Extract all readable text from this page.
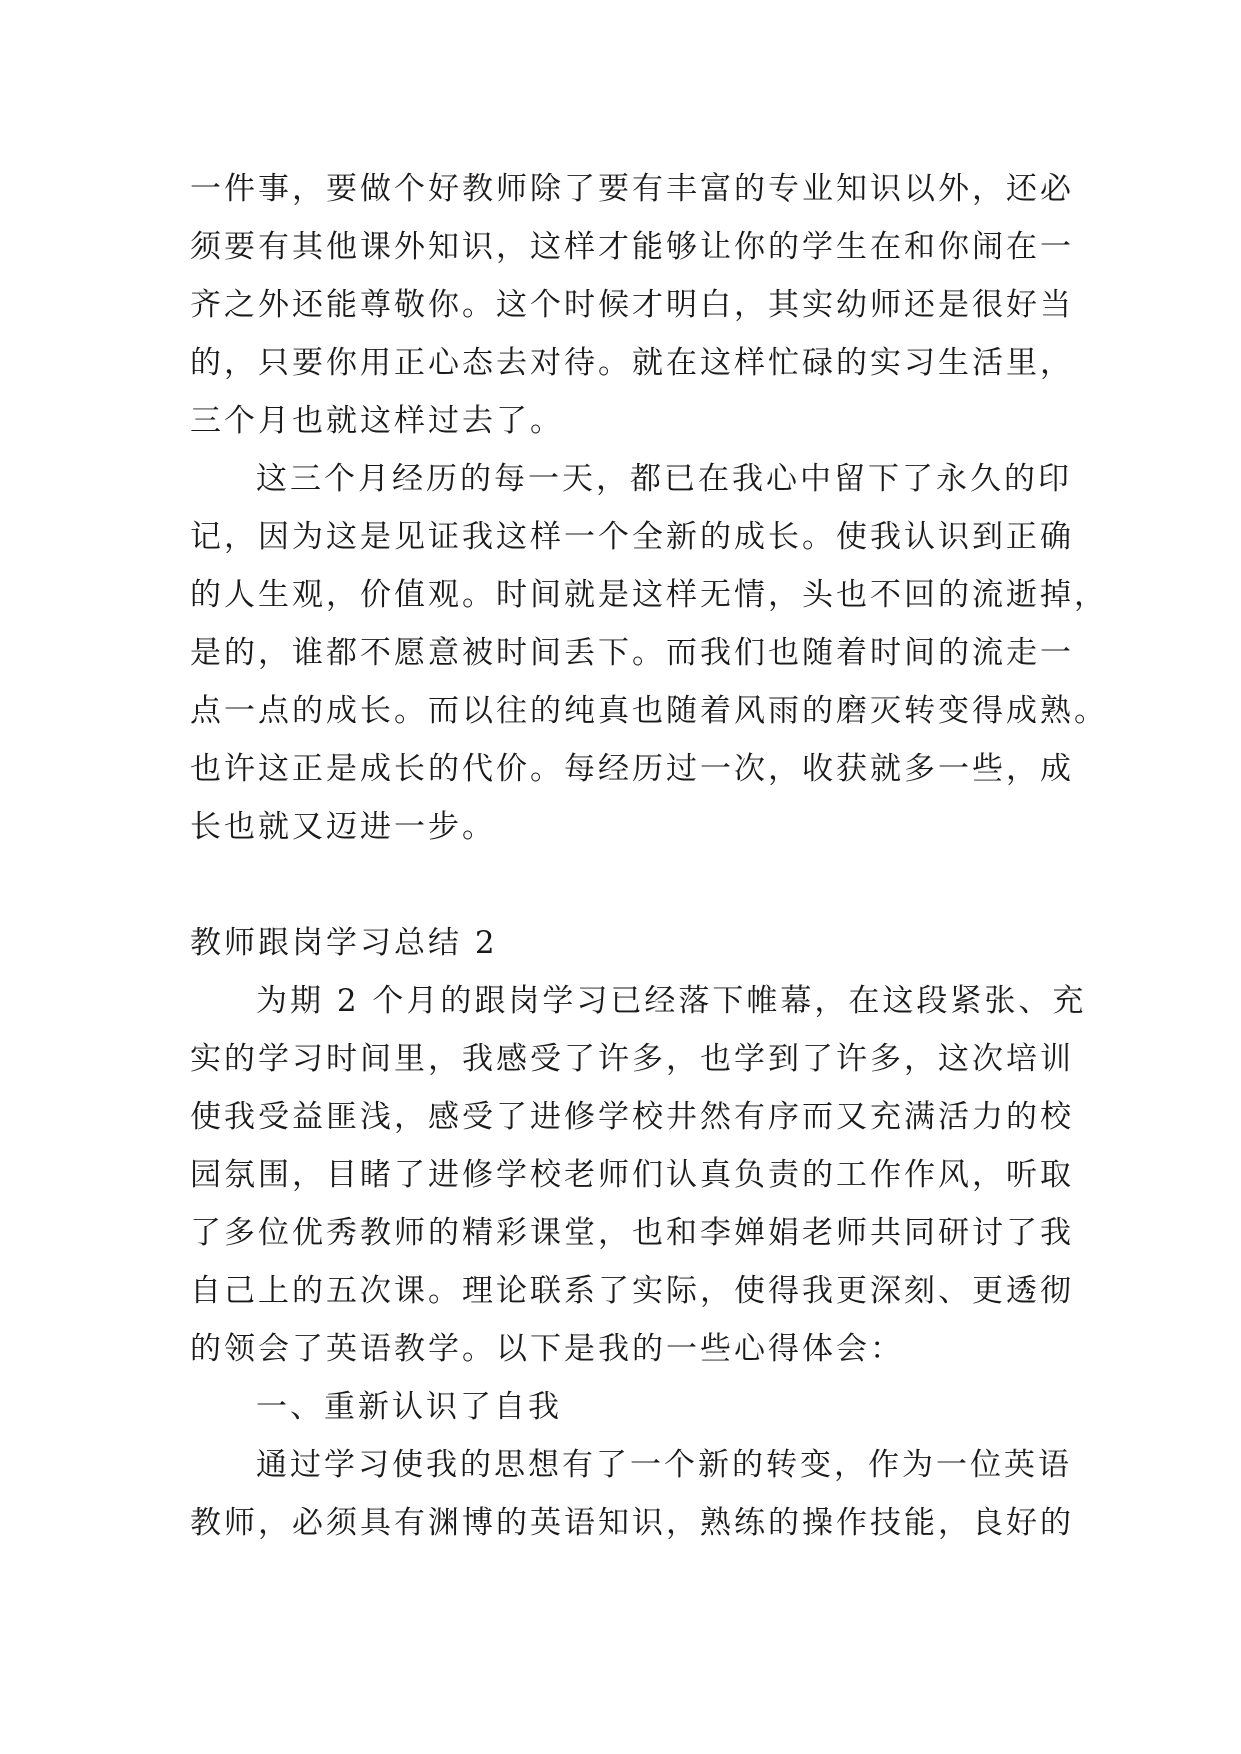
一件事，要做个好教师除了要有丰富的专业知识以外，还必
须要有其他课外知识，这样才能够让你的学生在和你闹在一
齐之外还能尊敬你。这个时候才明白，其实幼师还是很好当
的，只要你用正心态去对待。就在这样忙碌的实习生活里，
三个月也就这样过去了。
这三个月经历的每一天，都已在我心中留下了永久的印
记，因为这是见证我这样一个全新的成长。使我认识到正确
的人生观，价值观。时间就是这样无情，头也不回的流逝掉，
是的，谁都不愿意被时间丢下。而我们也随着时间的流走一
点一点的成长。而以往的纯真也随着风雨的磨灭转变得成熟。
也许这正是成长的代价。每经历过一次，收获就多一些，成
长也就又迈进一步。
教师跟岗学习总结 2
为期 2 个月的跟岗学习已经落下帷幕，在这段紧张、充
实的学习时间里，我感受了许多，也学到了许多，这次培训
使我受益匪浅，感受了进修学校井然有序而又充满活力的校
园氛围，目睹了进修学校老师们认真负责的工作作风，听取
了多位优秀教师的精彩课堂，也和李婵娟老师共同研讨了我
自己上的五次课。理论联系了实际，使得我更深刻、更透彻
的领会了英语教学。以下是我的一些心得体会：
一、重新认识了自我
通过学习使我的思想有了一个新的转变，作为一位英语
教师，必须具有渊博的英语知识，熟练的操作技能，良好的
